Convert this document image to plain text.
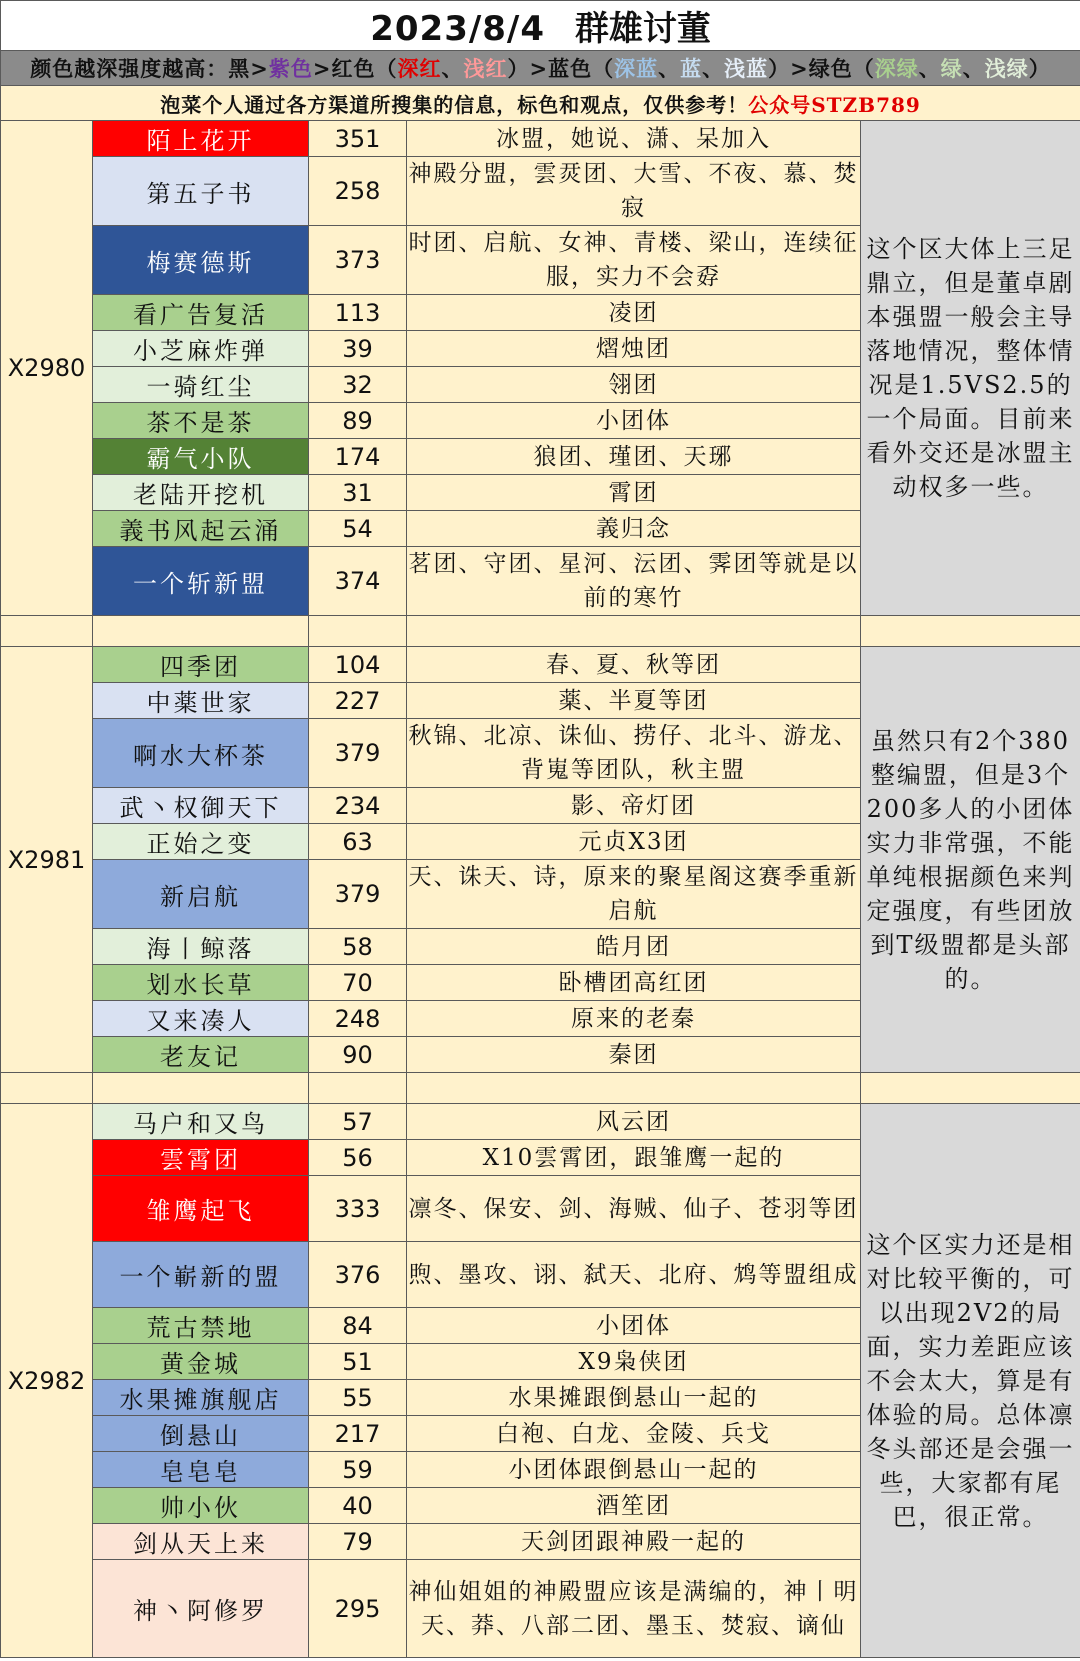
2023/8/4 群雄讨董				
颜色越深强度越高：黑>紫色>红色（深红、浅红）>蓝色（深蓝、蓝、浅蓝）>绿色（深绿、绿、浅绿）				
泡菜个人通过各方渠道所搜集的信息，标色和观点，仅供参考！公众号STZB789				
X2980	陌上花开	351	冰盟，她说、潇、呆加入	这个区大体上三足鼎立，但是董卓剧本强盟一般会主导落地情况，整体情况是1.5VS2.5的一个局面。目前来看外交还是冰盟主动权多一些。
	第五子书	258	神殿分盟，雲烎团、大雪、不夜、慕、焚寂	
	梅赛德斯	373	时团、启航、女神、青楼、梁山，连续征服，实力不会孬	
	看广告复活	113	凌团	
	小芝麻炸弹	39	熠烛团	
	一骑红尘	32	翎团	
	茶不是茶	89	小团体	
	霸气小队	174	狼团、瑾团、天琊	
	老陆开挖机	31	霄团	
	義书风起云涌	54	義归念	
	一个斩新盟	374	茗团、守团、星河、沄团、霁团等就是以前的寒竹	

X2981	四季团	104	春、夏、秋等团	虽然只有2个380整编盟，但是3个200多人的小团体实力非常强，不能单纯根据颜色来判定强度，有些团放到T级盟都是头部的。
	中薬世家	227	薬、半夏等团	
	啊水大杯茶	379	秋锦、北凉、诛仙、捞仔、北斗、游龙、背嵬等团队，秋主盟	
	武丶权御天下	234	影、帝灯团	
	正始之变	63	元贞X3团	
	新启航	379	天、诛天、诗，原来的聚星阁这赛季重新启航	
	海丨鲸落	58	皓月团	
	划水长草	70	卧槽团高红团	
	又来凑人	248	原来的老秦	
	老友记	90	秦团	

X2982	马户和又鸟	57	风云团	这个区实力还是相对比较平衡的，可以出现2V2的局面，实力差距应该不会太大，算是有体验的局。总体凛冬头部还是会强一些，大家都有尾巴，很正常。
	雲霄团	56	X10雲霄团，跟雏鹰一起的	
	雏鹰起飞	333	凛冬、保安、剑、海贼、仙子、苍羽等团	
	一个嶄新的盟	376	煦、墨攻、诩、弑天、北府、鸩等盟组成	
	荒古禁地	84	小团体	
	黄金城	51	X9枭侠团	
	水果摊旗舰店	55	水果摊跟倒悬山一起的	
	倒悬山	217	白袍、白龙、金陵、兵戈	
	皂皂皂	59	小团体跟倒悬山一起的	
	帅小伙	40	酒笙团	
	剑从天上来	79	天剑团跟神殿一起的	
	神丶阿修罗	295	神仙姐姐的神殿盟应该是满编的，神丨明天、莽、八部二团、墨玉、焚寂、谪仙	
